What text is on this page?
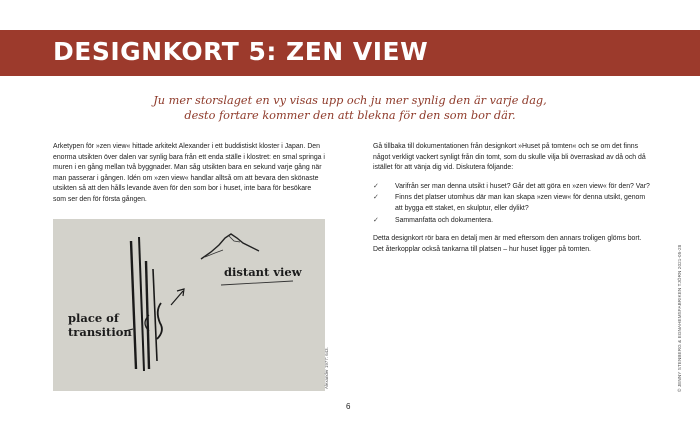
DESIGNKORT 5: ZEN VIEW
Ju mer storslaget en vy visas upp och ju mer synlig den är varje dag,
desto fortare kommer den att blekna för den som bor där.

Arketypen för »zen view« hittade arkitekt Alexander i ett buddistiskt kloster i Japan. Den enorma utsikten över dalen var synlig bara från ett enda ställe i klostret: en smal springa i muren i en gång mellan två byggnader. Man såg utsikten bara en sekund varje gång när man passerar i gången. Idén om »zen view« handlar alltså om att bevara den skönaste utsikten så att den hålls levande även för den som bor i huset, inte bara för besökare som ser den för första gången.

distant view
place of
transition
Alexander 1977: 643.

Gå tillbaka till dokumentationen från designkort »Huset på tomten« och se om det finns något verkligt vackert synligt från din tomt, som du skulle vilja bli överraskad av då och då istället för att vänja dig vid. Diskutera följande:

✓ Varifrån ser man denna utsikt i huset? Går det att göra en »zen view« för den? Var?
✓ Finns det platser utomhus där man kan skapa »zen view« för denna utsikt, genom att bygga ett staket, en skulptur, eller dylikt?
✓ Sammanfatta och dokumentera.

Detta designkort rör bara en detalj men är med eftersom den annars troligen glöms bort. Det återkopplar också tankarna till platsen – hur huset ligger på tomten.	© JENNY STENBERG & EGNAHEMSFABRIKEN TJÖRN 2021-05-28
6
